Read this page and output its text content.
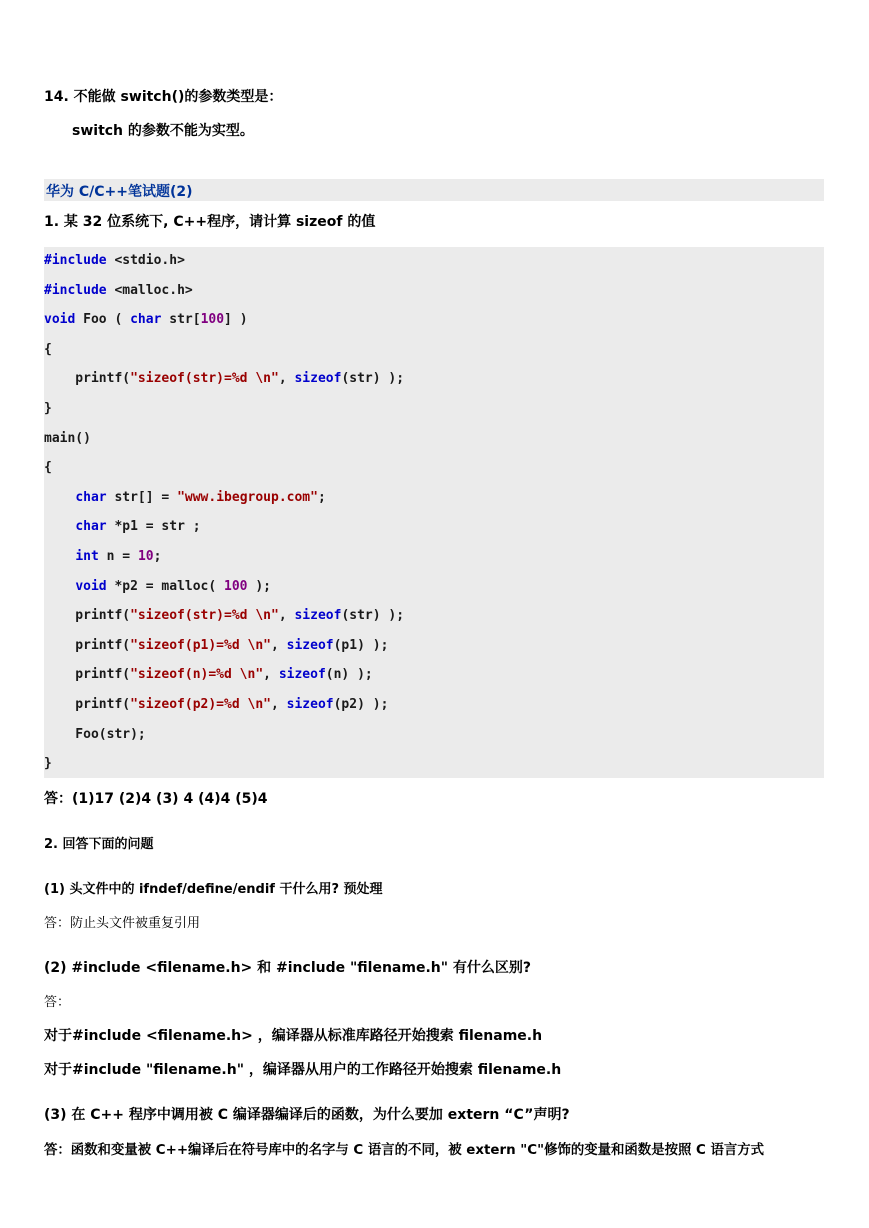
14. 不能做 switch()的参数类型是：
switch 的参数不能为实型。
华为 C/C++笔试题(2)
1. 某 32 位系统下, C++程序，请计算 sizeof 的值
#include <stdio.h>
#include <malloc.h>
void Foo ( char str[100] )
{
printf("sizeof(str)=%d \n", sizeof(str) );
}
main()
{
char str[] = "www.ibegroup.com";
char *p1 = str ;
int n = 10;
void *p2 = malloc( 100 );
printf("sizeof(str)=%d \n", sizeof(str) );
printf("sizeof(p1)=%d \n", sizeof(p1) );
printf("sizeof(n)=%d \n", sizeof(n) );
printf("sizeof(p2)=%d \n", sizeof(p2) );
Foo(str);
}
答：(1)17 (2)4 (3) 4 (4)4 (5)4
2. 回答下面的问题
(1) 头文件中的 ifndef/define/endif 干什么用? 预处理
答：防止头文件被重复引用
(2) #include <filename.h> 和 #include "filename.h" 有什么区别?
答：
对于#include <filename.h> ，编译器从标准库路径开始搜索 filename.h
对于#include "filename.h" ，编译器从用户的工作路径开始搜索 filename.h
(3) 在 C++ 程序中调用被 C 编译器编译后的函数，为什么要加 extern “C”声明?
答：函数和变量被 C++编译后在符号库中的名字与 C 语言的不同，被 extern "C"修饰的变量和函数是按照 C 语言方式
